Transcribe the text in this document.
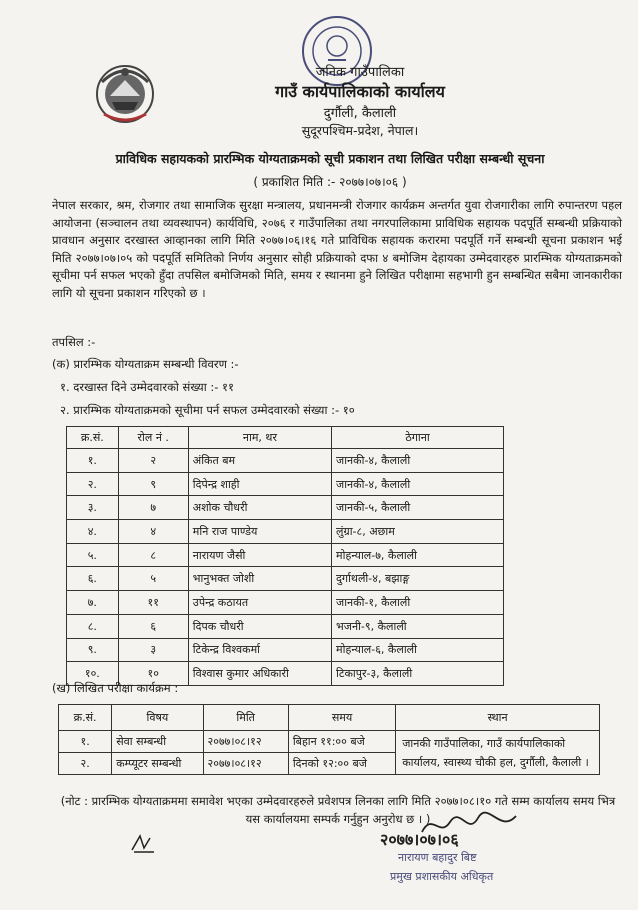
जनिक गाउँपालिका
गाउँ कार्यपालिकाको कार्यालय
दुर्गौली, कैलाली
सुदूरपश्चिम-प्रदेश, नेपाल।
प्राविधिक सहायकको प्रारम्भिक योग्यताक्रमको सूची प्रकाशन तथा लिखित परीक्षा सम्बन्धी सूचना
( प्रकाशित मिति :- २०७७।०७।०६ )

नेपाल सरकार, श्रम, रोजगार तथा सामाजिक सुरक्षा मन्त्रालय, प्रधानमन्त्री रोजगार कार्यक्रम अन्तर्गत युवा रोजगारीका लागि रुपान्तरण पहल आयोजना (सञ्चालन तथा व्यवस्थापन) कार्यविधि, २०७६ र गाउँपालिका तथा नगरपालिकामा प्राविधिक सहायक पदपूर्ति सम्बन्धी प्रक्रियाको प्रावधान अनुसार दरखास्त आव्हानका लागि मिति २०७७।०६।१६ गते प्राविधिक सहायक करारमा पदपूर्ति गर्ने सम्बन्धी सूचना प्रकाशन भई मिति २०७७।०७।०५ को पदपूर्ति समितिको निर्णय अनुसार सोही प्रक्रियाको दफा ४ बमोजिम देहायका उम्मेदवारहरु प्रारम्भिक योग्यताक्रमको सूचीमा पर्न सफल भएको हुँदा तपसिल बमोजिमको मिति, समय र स्थानमा हुने लिखित परीक्षामा सहभागी हुन सम्बन्धित सबैमा जानकारीका लागि यो सूचना प्रकाशन गरिएको छ ।

तपसिल :-
(क) प्रारम्भिक योग्यताक्रम सम्बन्धी विवरण :-
१. दरखास्त दिने उम्मेदवारको संख्या :- ११
२. प्रारम्भिक योग्यताक्रमको सूचीमा पर्न सफल उम्मेदवारको संख्या :- १०
क्र.सं.	रोल नं .	नाम, थर	ठेगाना
१.	२	अंकित बम	जानकी-४, कैलाली
२.	९	दिपेन्द्र शाही	जानकी-४, कैलाली
३.	७	अशोक चौधरी	जानकी-५, कैलाली
४.	४	मनि राज पाण्डेय	लुंग्रा-८, अछाम
५.	८	नारायण जैसी	मोहन्याल-७, कैलाली
६.	५	भानुभक्त जोशी	दुर्गाथली-४, बझाङ्ग
७.	११	उपेन्द्र कठायत	जानकी-१, कैलाली
८.	६	दिपक चौधरी	भजनी-९, कैलाली
९.	३	टिकेन्द्र विश्वकर्मा	मोहन्याल-६, कैलाली
१०.	१०	विश्वास कुमार अधिकारी	टिकापुर-३, कैलाली
(ख) लिखित परीक्षा कार्यक्रम :
क्र.सं.	विषय	मिति	समय	स्थान
१.	सेवा सम्बन्धी	२०७७।०८।१२	बिहान ११:०० बजे	जानकी गाउँपालिका, गाउँ कार्यपालिकाको कार्यालय, स्वास्थ्य चौकी हल, दुर्गौली, कैलाली ।
२.	कम्प्यूटर सम्बन्धी	२०७७।०८।१२	दिनको १२:०० बजे	

(नोट : प्रारम्भिक योग्यताक्रममा समावेश भएका उम्मेदवारहरुले प्रवेशपत्र लिनका लागि मिति २०७७।०८।१० गते सम्म कार्यालय समय भित्र यस कार्यालयमा सम्पर्क गर्नुहुन अनुरोध छ । )

२०७७।०७।०६
नारायण बहादुर बिष्ट
प्रमुख प्रशासकीय अधिकृत
